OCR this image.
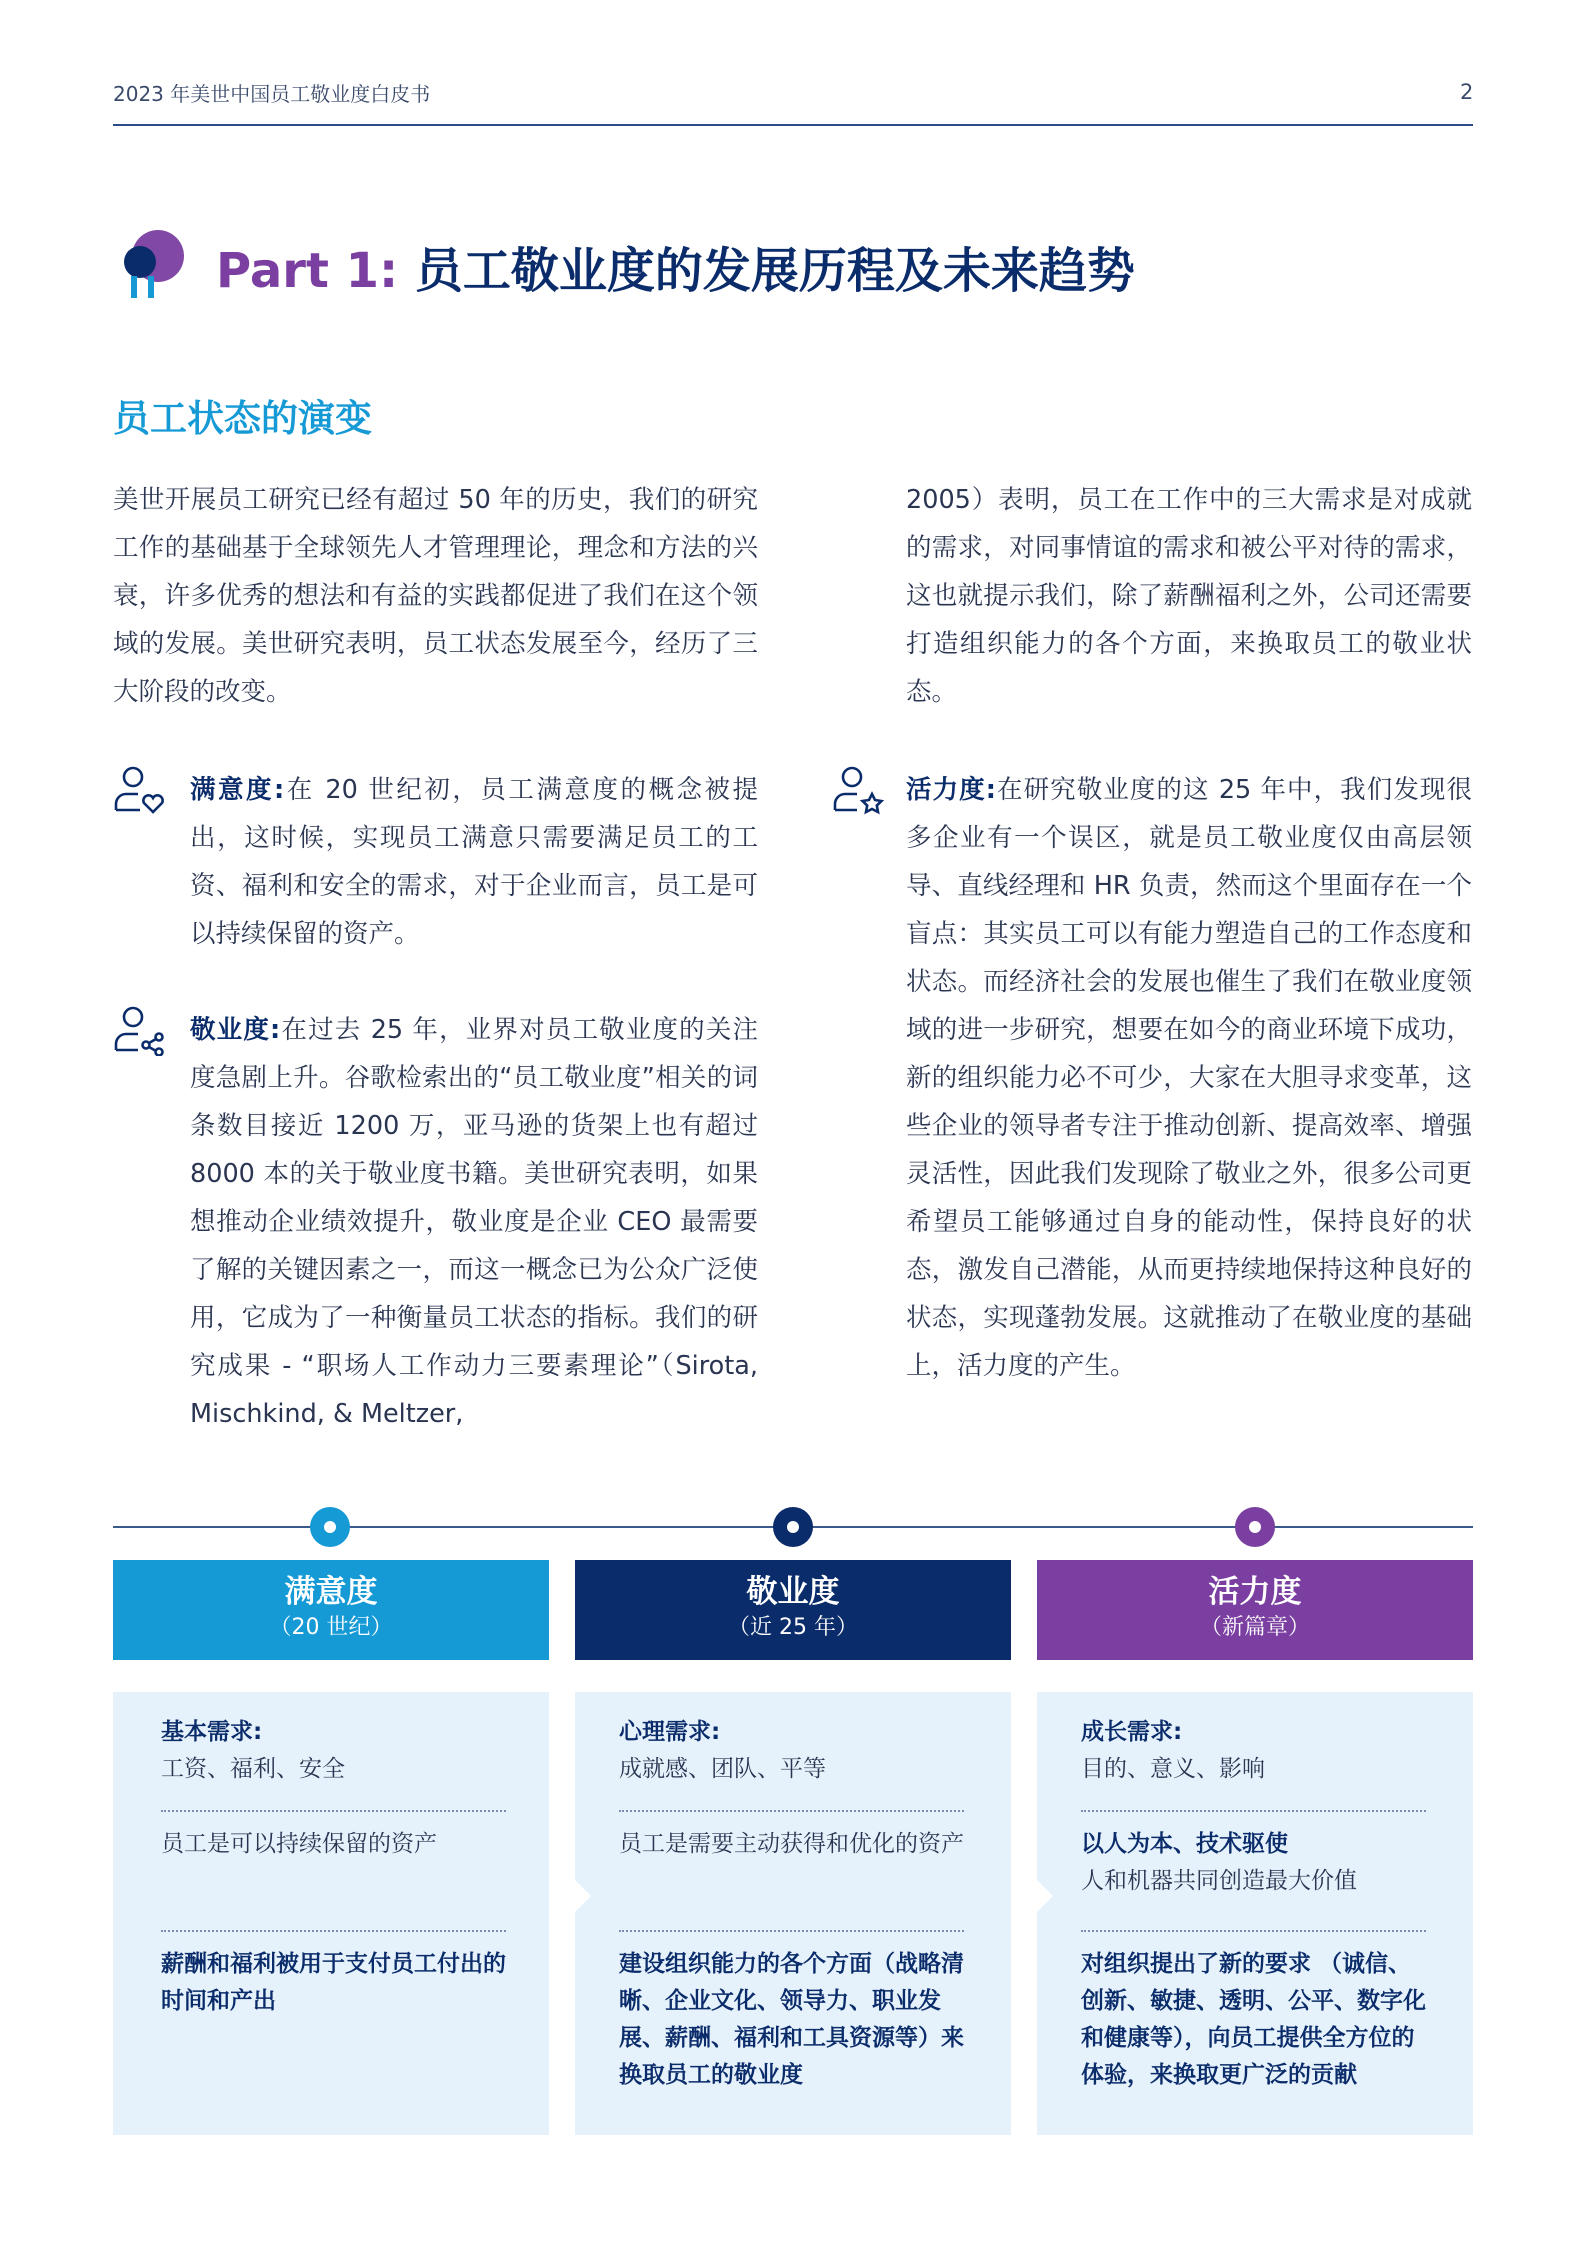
2023 年美世中国员工敬业度白皮书	2
Part 1: 员工敬业度的发展历程及未来趋势
员工状态的演变
美世开展员工研究已经有超过 50 年的历史，我们的研究工作的基础基于全球领先人才管理理论，理念和方法的兴衰，许多优秀的想法和有益的实践都促进了我们在这个领域的发展。美世研究表明，员工状态发展至今，经历了三大阶段的改变。
2005）表明，员工在工作中的三大需求是对成就的需求，对同事情谊的需求和被公平对待的需求，这也就提示我们，除了薪酬福利之外，公司还需要打造组织能力的各个方面，来换取员工的敬业状态。
满意度:在 20 世纪初，员工满意度的概念被提出，这时候，实现员工满意只需要满足员工的工资、福利和安全的需求，对于企业而言，员工是可以持续保留的资产。
敬业度:在过去 25 年，业界对员工敬业度的关注度急剧上升。谷歌检索出的“员工敬业度”相关的词条数目接近 1200 万，亚马逊的货架上也有超过 8000 本的关于敬业度书籍。美世研究表明，如果想推动企业绩效提升，敬业度是企业 CEO 最需要了解的关键因素之一，而这一概念已为公众广泛使用，它成为了一种衡量员工状态的指标。我们的研究成果 - “职场人工作动力三要素理论”（Sirota, Mischkind, & Meltzer,
活力度:在研究敬业度的这 25 年中，我们发现很多企业有一个误区，就是员工敬业度仅由高层领导、直线经理和 HR 负责，然而这个里面存在一个盲点：其实员工可以有能力塑造自己的工作态度和状态。而经济社会的发展也催生了我们在敬业度领域的进一步研究，想要在如今的商业环境下成功，新的组织能力必不可少，大家在大胆寻求变革，这些企业的领导者专注于推动创新、提高效率、增强灵活性，因此我们发现除了敬业之外，很多公司更希望员工能够通过自身的能动性，保持良好的状态，激发自己潜能，从而更持续地保持这种良好的状态，实现蓬勃发展。这就推动了在敬业度的基础上，活力度的产生。
满意度
（20 世纪）
敬业度
（近 25 年）
活力度
（新篇章）
基本需求:
工资、福利、安全
员工是可以持续保留的资产
薪酬和福利被用于支付员工付出的时间和产出
心理需求:
成就感、团队、平等
员工是需要主动获得和优化的资产
建设组织能力的各个方面（战略清晰、企业文化、领导力、职业发展、薪酬、福利和工具资源等）来换取员工的敬业度
成长需求:
目的、意义、影响
以人为本、技术驱使
人和机器共同创造最大价值
对组织提出了新的要求 （诚信、创新、敏捷、透明、公平、数字化和健康等），向员工提供全方位的体验，来换取更广泛的贡献
